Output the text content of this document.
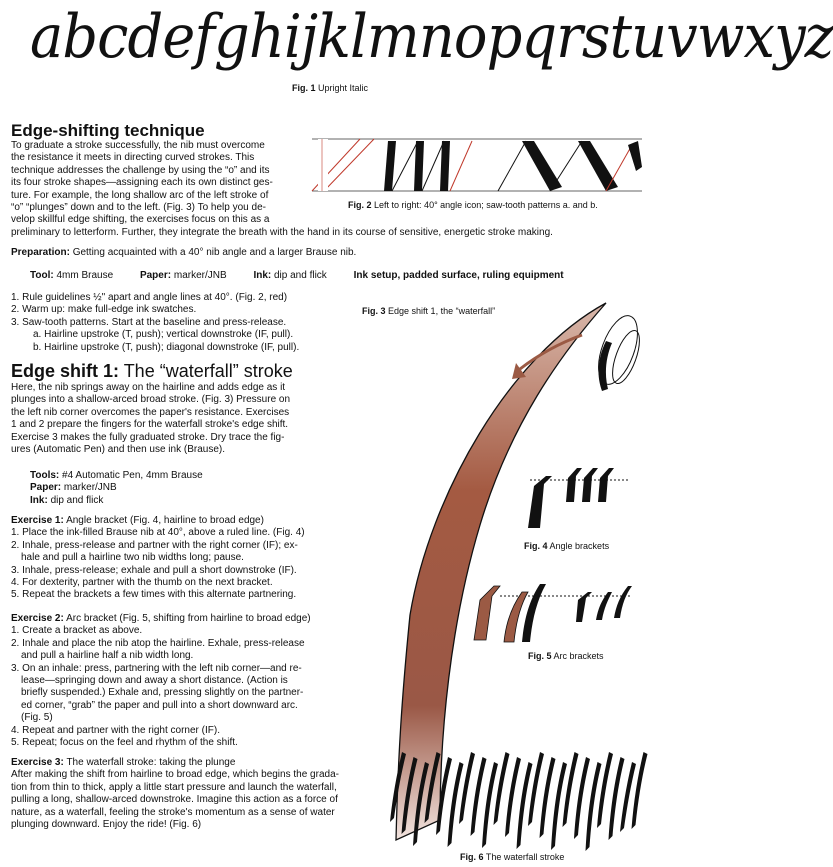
abcdefghijklmnopqrstuvwxyz
Fig. 1 Upright Italic
Edge-shifting technique

To graduate a stroke successfully, the nib must overcome

the resistance it meets in directing curved strokes. This

technique addresses the challenge by using the “o” and its

its four stroke shapes—assigning each its own distinct ges-

ture. For example, the long shallow arc of the left stroke of

“o” “plunges” down and to the left. (Fig. 3) To help you de-

velop skillful edge shifting, the exercises focus on this as a

preliminary to letterform. Further, they integrate the breath with the hand in its course of sensitive, energetic stroke making.

Fig. 2 Left to right: 40° angle icon; saw-tooth patterns a. and b.

Preparation: Getting acquainted with a 40° nib angle and a larger Brause nib.

Tool: 4mm Brause	Paper: marker/JNB	Ink: dip and flick	Ink setup, padded surface, ruling equipment

1. Rule guidelines ½" apart and angle lines at 40°. (Fig. 2, red)
2. Warm up: make full-edge ink swatches.
3. Saw-tooth patterns. Start at the baseline and press-release.
a. Hairline upstroke (T, push); vertical downstroke (IF, pull).
b. Hairline upstroke (T, push); diagonal downstroke (IF, pull).
Fig. 3 Edge shift 1, the “waterfall”
Edge shift 1: The “waterfall” stroke

Here, the nib springs away on the hairline and adds edge as it

plunges into a shallow-arced broad stroke. (Fig. 3) Pressure on

the left nib corner overcomes the paper's resistance. Exercises

1 and 2 prepare the fingers for the waterfall stroke's edge shift.

Exercise 3 makes the fully graduated stroke. Dry trace the fig-

ures (Automatic Pen) and then use ink (Brause).

Tools: #4 Automatic Pen, 4mm Brause

Paper: marker/JNB

Ink: dip and flick

Exercise 1: Angle bracket (Fig. 4, hairline to broad edge)

1. Place the ink-filled Brause nib at 40°, above a ruled line. (Fig. 4)

2. Inhale, press-release and partner with the right corner (IF); ex-

hale and pull a hairline two nib widths long; pause.

3. Inhale, press-release; exhale and pull a short downstroke (IF).

4. For dexterity, partner with the thumb on the next bracket.

5. Repeat the brackets a few times with this alternate partnering.

Exercise 2: Arc bracket (Fig. 5, shifting from hairline to broad edge)

1. Create a bracket as above.

2. Inhale and place the nib atop the hairline. Exhale, press-release

and pull a hairline half a nib width long.

3. On an inhale: press, partnering with the left nib corner—and re-

lease—springing down and away a short distance. (Action is

briefly suspended.) Exhale and, pressing slightly on the partner-

ed corner, “grab” the paper and pull into a short downward arc.

(Fig. 5)

4. Repeat and partner with the right corner (IF).

5. Repeat; focus on the feel and rhythm of the shift.

Exercise 3: The waterfall stroke: taking the plunge

After making the shift from hairline to broad edge, which begins the grada-

tion from thin to thick, apply a little start pressure and launch the waterfall,

pulling a long, shallow-arced downstroke. Imagine this action as a force of

nature, as a waterfall, feeling the stroke's momentum as a sense of water

plunging downward. Enjoy the ride! (Fig. 6)

Fig. 4 Angle brackets
Fig. 5 Arc brackets
Fig. 6 The waterfall stroke
